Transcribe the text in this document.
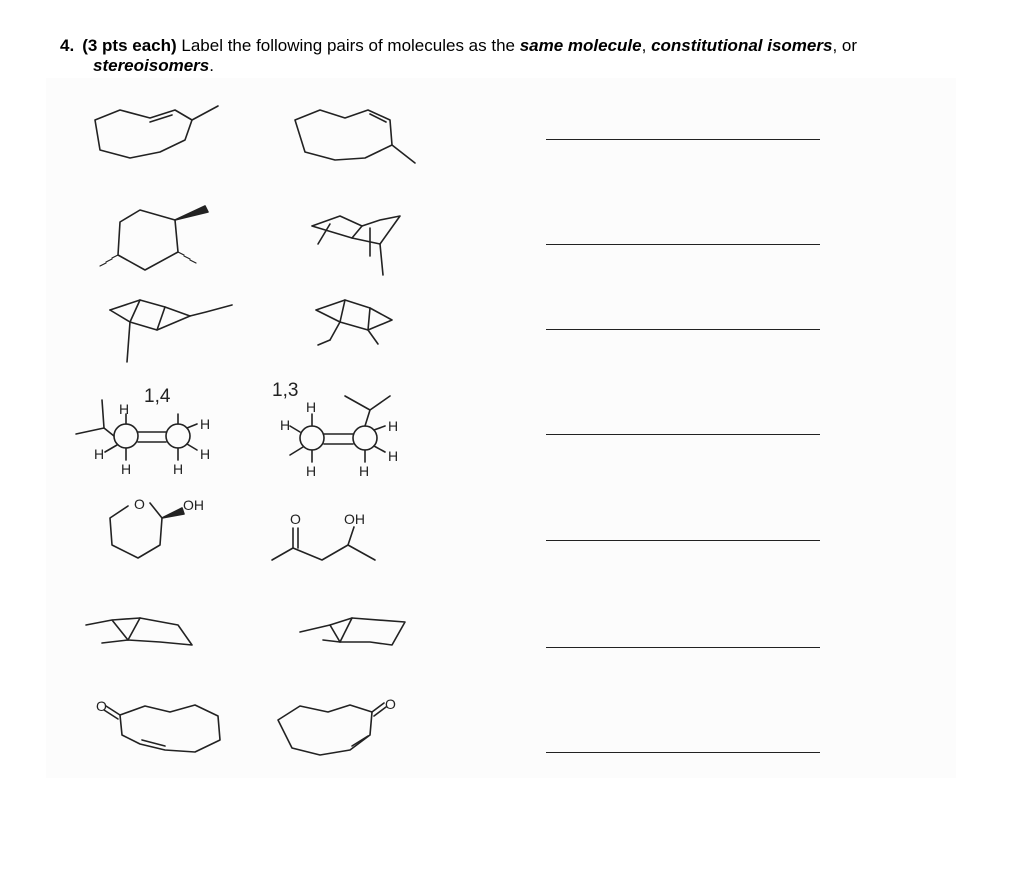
4. (3 pts each) Label the following pairs of molecules as the same molecule, constitutional isomers, or
stereoisomers.
H
H
H	H
H	H
H
H	H
H
H	H
O	OH
O	OH
O	O
1,4	1,3
